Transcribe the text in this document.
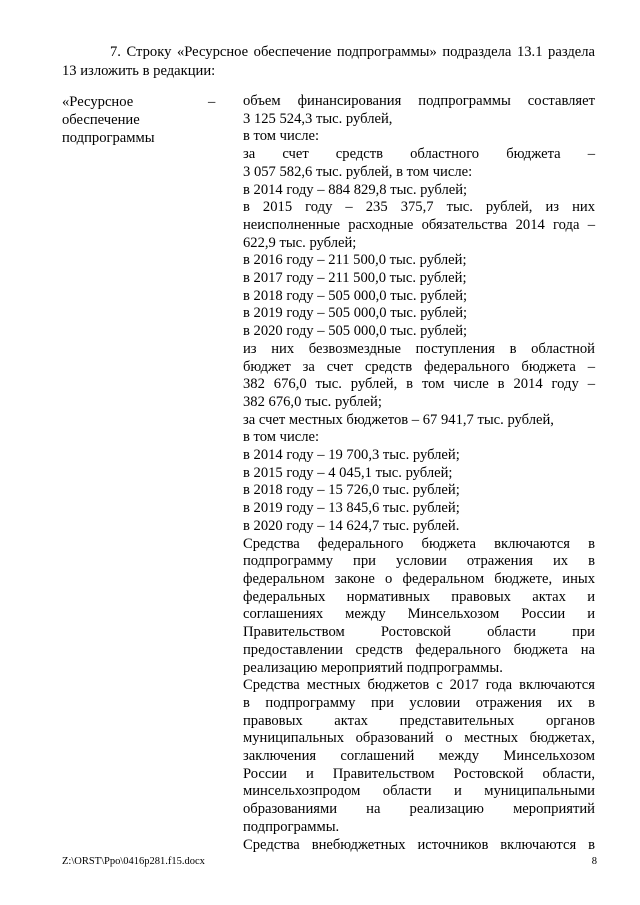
7. Строку «Ресурсное обеспечение подпрограммы» подраздела 13.1 раздела 13 изложить в редакции:

«Ресурсное обеспечение подпрограммы
– объем финансирования подпрограммы составляет

3 125 524,3 тыс. рублей,

в том числе:

за счет средств областного бюджета –

3 057 582,6 тыс. рублей, в том числе:

в 2014 году – 884 829,8 тыс. рублей;

в 2015 году – 235 375,7 тыс. рублей, из них

неисполненные расходные обязательства 2014 года –

622,9 тыс. рублей;

в 2016 году – 211 500,0 тыс. рублей;

в 2017 году – 211 500,0 тыс. рублей;

в 2018 году – 505 000,0 тыс. рублей;

в 2019 году – 505 000,0 тыс. рублей;

в 2020 году – 505 000,0 тыс. рублей;

из них безвозмездные поступления в областной

бюджет за счет средств федерального бюджета –

382 676,0 тыс. рублей, в том числе в 2014 году –

382 676,0 тыс. рублей;

за счет местных бюджетов – 67 941,7 тыс. рублей,

в том числе:

в 2014 году – 19 700,3 тыс. рублей;

в 2015 году – 4 045,1 тыс. рублей;

в 2018 году – 15 726,0 тыс. рублей;

в 2019 году – 13 845,6 тыс. рублей;

в 2020 году – 14 624,7 тыс. рублей.

Средства федерального бюджета включаются в

подпрограмму при условии отражения их в

федеральном законе о федеральном бюджете, иных

федеральных нормативных правовых актах и

соглашениях между Минсельхозом России и

Правительством Ростовской области при

предоставлении средств федерального бюджета на

реализацию мероприятий подпрограммы.

Средства местных бюджетов с 2017 года включаются

в подпрограмму при условии отражения их в

правовых актах представительных органов

муниципальных образований о местных бюджетах,

заключения соглашений между Минсельхозом

России и Правительством Ростовской области,

минсельхозпродом области и муниципальными

образованиями на реализацию мероприятий

подпрограммы.

Средства внебюджетных источников включаются в

Z:\ORST\Ppo\0416p281.f15.docx	8
